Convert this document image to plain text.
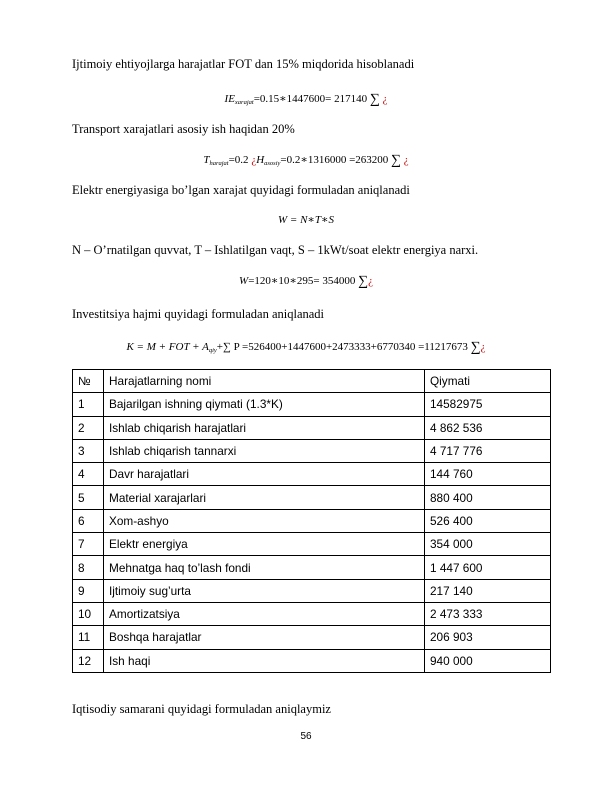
Ijtimoiy ehtiyojlarga harajatlar FOT dan 15% miqdorida hisoblanadi
$IE_{xarajat}=0.15∗1447600= 217140$ ∑ ¿
Transport xarajatlari asosiy ish haqidan 20%
$T_{harajat}=0.2$ ¿$H_{asosiy}=0.2∗1316000 =263200$ ∑ ¿
Elektr energiyasiga bo’lgan xarajat quyidagi formuladan aniqlanadi
W = N∗T∗S
N – O’rnatilgan quvvat, T – Ishlatilgan vaqt, S – 1kWt/soat elektr energiya narxi.
W=120∗10∗295= 354000 ∑¿
Investitsiya hajmi quyidagi formuladan aniqlanadi
K = M + FOT + $A_{qiy}+\sum$ P =526400+1447600+2473333+6770340 =11217673 ∑¿
№	Harajatlarning nomi	Qiymati
1	Bajarilgan ishning qiymati (1.3*K)	14582975
2	Ishlab chiqarish harajatlari	4 862 536
3	Ishlab chiqarish tannarxi	4 717 776
4	Davr harajatlari	144 760
5	Material xarajarlari	880 400
6	Xom-ashyo	526 400
7	Elektr energiya	354 000
8	Mehnatga haq to’lash fondi	1 447 600
9	Ijtimoiy sug’urta	217 140
10	Amortizatsiya	2 473 333
11	Boshqa harajatlar	206 903
12	Ish haqi	940 000
Iqtisodiy samarani quyidagi formuladan aniqlaymiz
56
